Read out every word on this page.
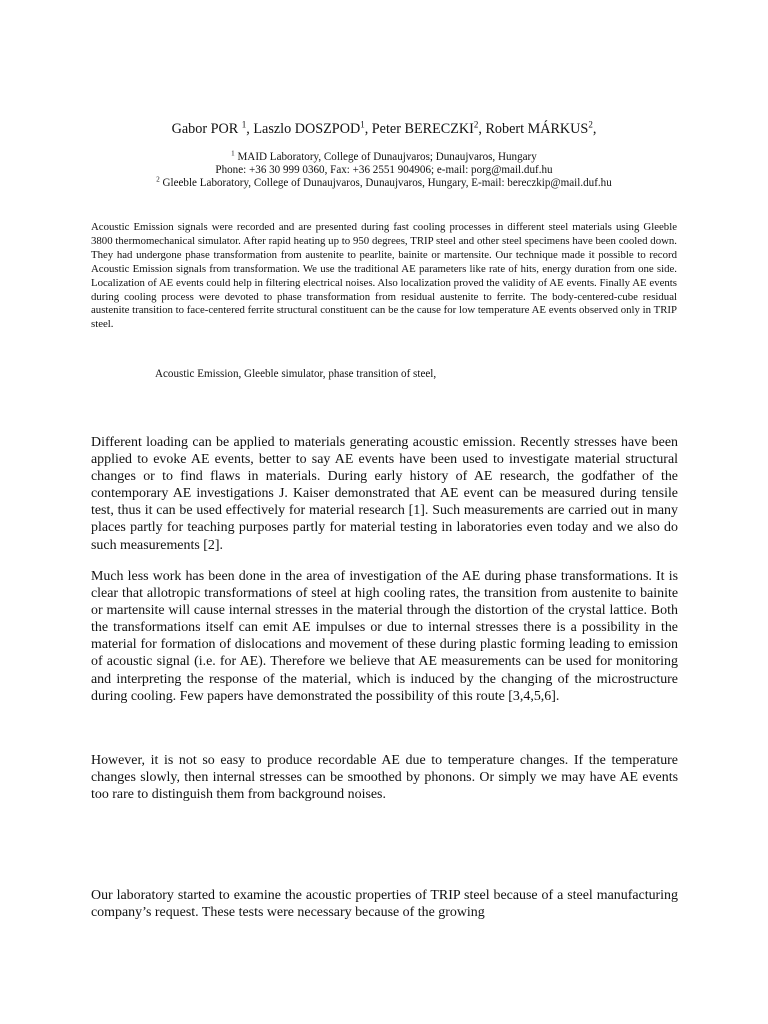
Gabor POR $^1$, Laszlo DOSZPOD$^1$, Peter BERECZKI$^2$, Robert MÁRKUS$^2$,
$^1$ MAID Laboratory, College of Dunaujvaros; Dunaujvaros, Hungary
Phone: +36 30 999 0360, Fax: +36 2551 904906; e-mail: porg@mail.duf.hu
$^2$ Gleeble Laboratory, College of Dunaujvaros, Dunaujvaros, Hungary, E-mail: bereczkip@mail.duf.hu
Acoustic Emission signals were recorded and are presented during fast cooling processes in different steel materials using Gleeble 3800 thermomechanical simulator. After rapid heating up to 950 degrees, TRIP steel and other steel specimens have been cooled down. They had undergone phase transformation from austenite to pearlite, bainite or martensite. Our technique made it possible to record Acoustic Emission signals from transformation. We use the traditional AE parameters like rate of hits, energy duration from one side. Localization of AE events could help in filtering electrical noises. Also localization proved the validity of AE events. Finally AE events during cooling process were devoted to phase transformation from residual austenite to ferrite. The body-centered-cube residual austenite transition to face-centered ferrite structural constituent can be the cause for low temperature AE events observed only in TRIP steel.
Acoustic Emission, Gleeble simulator, phase transition of steel,

Different loading can be applied to materials generating acoustic emission. Recently stresses have been applied to evoke AE events, better to say AE events have been used to investigate material structural changes or to find flaws in materials. During early history of AE research, the godfather of the contemporary AE investigations J. Kaiser demonstrated that AE event can be measured during tensile test, thus it can be used effectively for material research [1]. Such measurements are carried out in many places partly for teaching purposes partly for material testing in laboratories even today and we also do such measurements [2].

Much less work has been done in the area of investigation of the AE during phase transformations. It is clear that allotropic transformations of steel at high cooling rates, the transition from austenite to bainite or martensite will cause internal stresses in the material through the distortion of the crystal lattice. Both the transformations itself can emit AE impulses or due to internal stresses there is a possibility in the material for formation of dislocations and movement of these during plastic forming leading to emission of acoustic signal (i.e. for AE). Therefore we believe that AE measurements can be used for monitoring and interpreting the response of the material, which is induced by the changing of the microstructure during cooling. Few papers have demonstrated the possibility of this route [3,4,5,6].

However, it is not so easy to produce recordable AE due to temperature changes. If the temperature changes slowly, then internal stresses can be smoothed by phonons. Or simply we may have AE events too rare to distinguish them from background noises.

Our laboratory started to examine the acoustic properties of TRIP steel because of a steel manufacturing company’s request. These tests were necessary because of the growing
